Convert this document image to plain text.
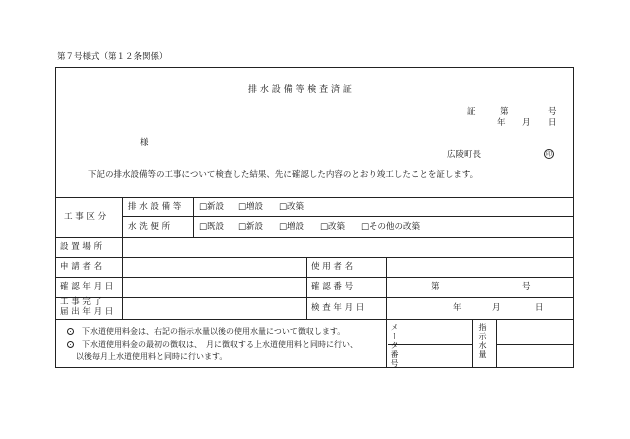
第７号様式（第１２条関係）
排 水 設 備 等 検 査 済 証
証	第	号
年 月 日
様
広陵町長	印
下記の排水設備等の工事について検査した結果、先に確認した内容のとおり竣工したことを証します。
工 事 区 分
排 水 設 備 等 □新設 □増設 □改築
水 洗 便 所	□既設 □新設 □増設 □改築 □その他の改築
設 置 場 所
申 請 者 名	使 用 者 名
確 認 年 月 日	確 認 番 号	第	号
工 事 完 了
届 出 年 月 日	検 査 年 月 日	年	月	日
下水道使用料金は、右記の指示水量以後の使用水量について徴収します。
下水道使用料金の最初の徴収は、　月に徴収する上水道使用料と同時に行い、
以後毎月上水道使用料と同時に行います。	メータ番号	指示水量
